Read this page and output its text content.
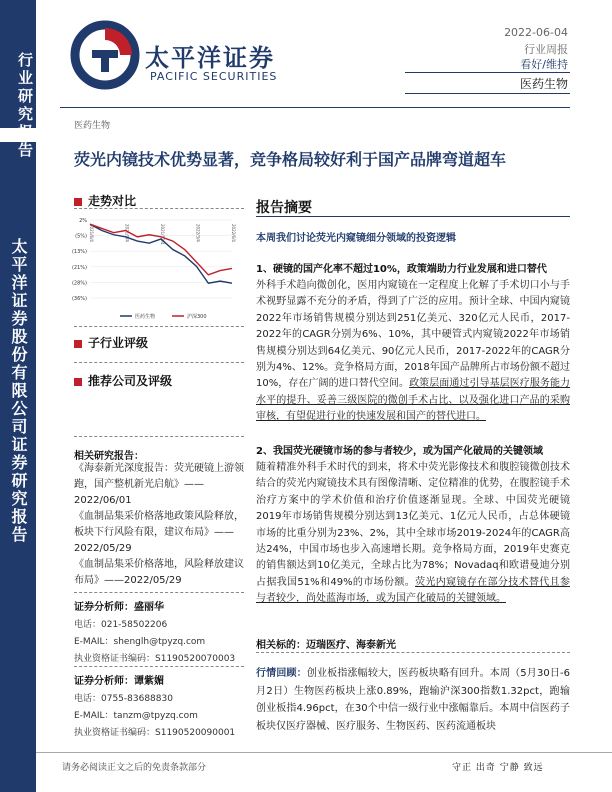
行业研究报告
太平洋证券股份有限公司证券研究报告
太平洋证券
PACIFIC SECURITIES
2022-06-04
行业周报
看好/维持
医药生物
医药生物
荧光内镜技术优势显著，竞争格局较好利于国产品牌弯道超车
走势对比
2%
(5%)
(13%)
(21%)
(28%)
(36%)
2021/6/4	2021/9/4	2021/12/4	2022/3/4	2022/6/4
医药生物	沪深300
子行业评级
推荐公司及评级
相关研究报告：
《海泰新光深度报告：荧光硬镜上游领跑，国产整机新光启航》——2022/06/01
《血制品集采价格落地政策风险释放，板块下行风险有限，建议布局》——2022/05/29
《血制品集采价格落地，风险释放建议布局》——2022/05/29
证券分析师：盛丽华
电话：021-58502206
E-MAIL：shenglh@tpyzq.com
执业资格证书编码：S1190520070003
证券分析师：谭紫媚
电话：0755-83688830
E-MAIL：tanzm@tpyzq.com
执业资格证书编码：S1190520090001
报告摘要
本周我们讨论荧光内窥镜细分领域的投资逻辑
1、硬镜的国产化率不超过10%，政策端助力行业发展和进口替代
外科手术趋向微创化，医用内窥镜在一定程度上化解了手术切口小与手术视野显露不充分的矛盾，得到了广泛的应用。预计全球、中国内窥镜2022年市场销售规模分别达到251亿美元、320亿元人民币，2017-2022年的CAGR分别为6%、10%，其中硬管式内窥镜2022年市场销售规模分别达到64亿美元、90亿元人民币，2017-2022年的CAGR分别为4%、12%。竞争格局方面，2018年国产品牌所占市场份额不超过10%，存在广阔的进口替代空间。政策层面通过引导基层医疗服务能力水平的提升、妥善三级医院的微创手术占比、以及强化进口产品的采购审核，有望促进行业的快速发展和国产的替代进口。
2、我国荧光硬镜市场的参与者较少，或为国产化破局的关键领域
随着精准外科手术时代的到来，将术中荧光影像技术和腹腔镜微创技术结合的荧光内窥镜技术具有图像清晰、定位精准的优势，在腹腔镜手术治疗方案中的学术价值和治疗价值逐渐显现。全球、中国荧光硬镜2019年市场销售规模分别达到13亿美元、1亿元人民币，占总体硬镜市场的比重分别为23%、2%，其中全球市场2019-2024年的CAGR高达24%，中国市场也步入高速增长期。竞争格局方面，2019年史赛克的销售额达到10亿美元，全球占比为78%；Novadaq和欧谱曼迪分别占据我国51%和49%的市场份额。荧光内窥镜存在部分技术替代且参与者较少，尚处蓝海市场，或为国产化破局的关键领域。
相关标的：迈瑞医疗、海泰新光
行情回顾：创业板指涨幅较大，医药板块略有回升。本周（5月30日-6月2日）生物医药板块上涨0.89%，跑输沪深300指数1.32pct，跑输创业板指4.96pct，在30个中信一级行业中涨幅靠后。本周中信医药子板块仅医疗器械、医疗服务、生物医药、医药流通板块
请务必阅读正文之后的免责条款部分	守正 出奇 宁静 致远
